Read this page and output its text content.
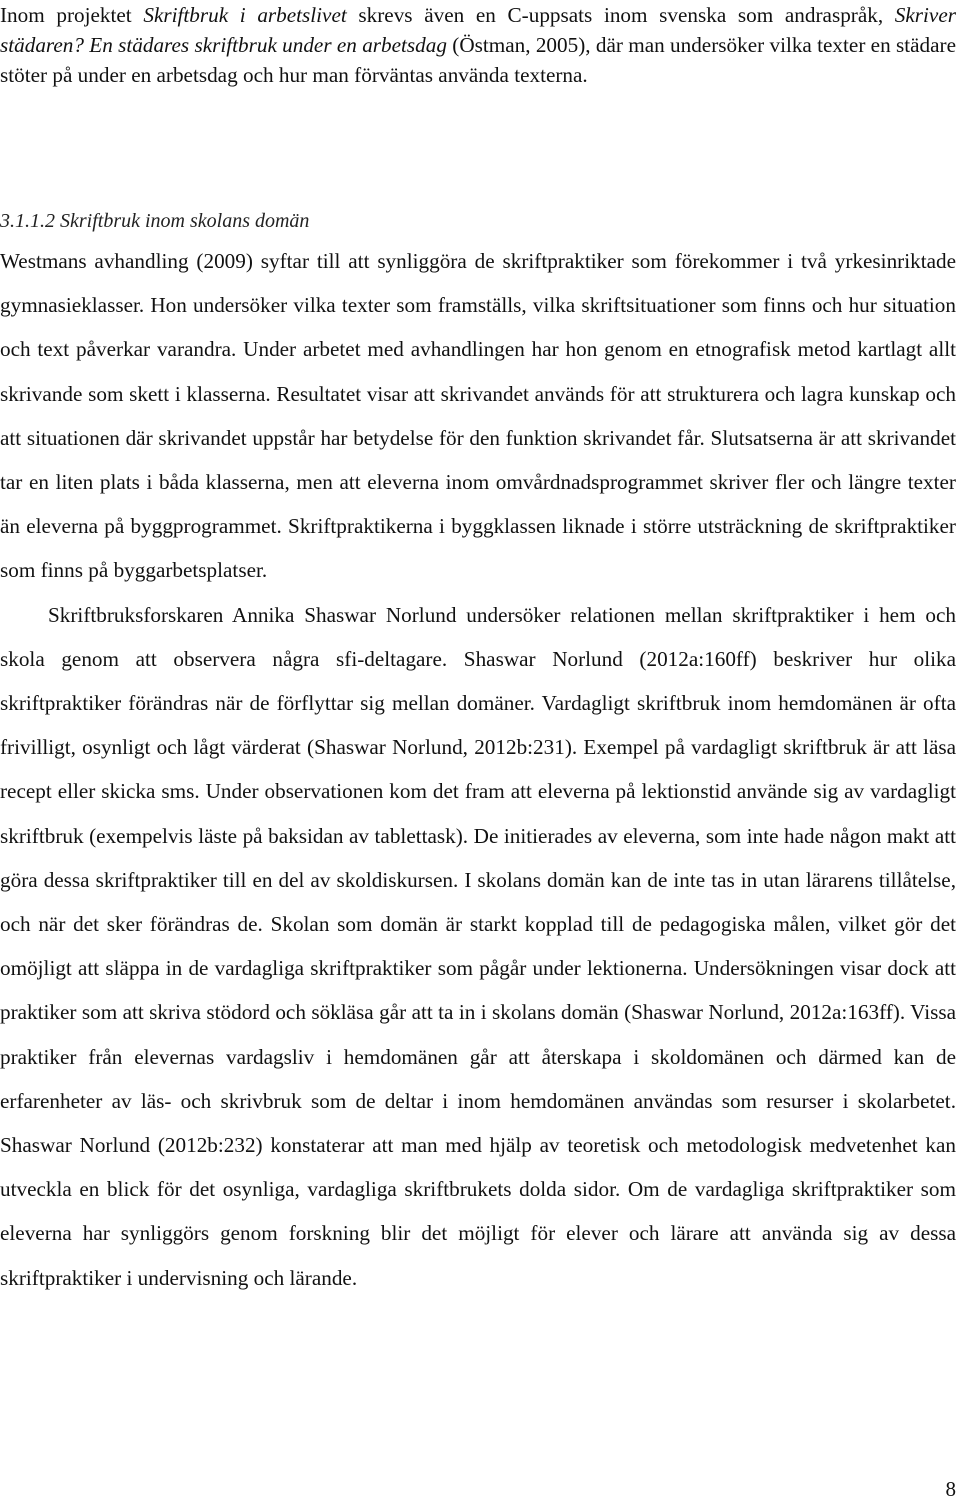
Inom projektet Skriftbruk i arbetslivet skrevs även en C-uppsats inom svenska som andraspråk, Skriver städaren? En städares skriftbruk under en arbetsdag (Östman, 2005), där man undersöker vilka texter en städare stöter på under en arbetsdag och hur man förväntas använda texterna.

3.1.1.2 Skriftbruk inom skolans domän

Westmans avhandling (2009) syftar till att synliggöra de skriftpraktiker som förekommer i två yrkesinriktade gymnasieklasser. Hon undersöker vilka texter som framställs, vilka skriftsituationer som finns och hur situation och text påverkar varandra. Under arbetet med avhandlingen har hon genom en etnografisk metod kartlagt allt skrivande som skett i klasserna. Resultatet visar att skrivandet används för att strukturera och lagra kunskap och att situationen där skrivandet uppstår har betydelse för den funktion skrivandet får. Slutsatserna är att skrivandet tar en liten plats i båda klasserna, men att eleverna inom omvårdnadsprogrammet skriver fler och längre texter än eleverna på byggprogrammet. Skriftpraktikerna i byggklassen liknade i större utsträckning de skriftpraktiker som finns på byggarbetsplatser.

Skriftbruksforskaren Annika Shaswar Norlund undersöker relationen mellan skriftpraktiker i hem och skola genom att observera några sfi-deltagare. Shaswar Norlund (2012a:160ff) beskriver hur olika skriftpraktiker förändras när de förflyttar sig mellan domäner. Vardagligt skriftbruk inom hemdomänen är ofta frivilligt, osynligt och lågt värderat (Shaswar Norlund, 2012b:231). Exempel på vardagligt skriftbruk är att läsa recept eller skicka sms. Under observationen kom det fram att eleverna på lektionstid använde sig av vardagligt skriftbruk (exempelvis läste på baksidan av tablettask). De initierades av eleverna, som inte hade någon makt att göra dessa skriftpraktiker till en del av skoldiskursen. I skolans domän kan de inte tas in utan lärarens tillåtelse, och när det sker förändras de. Skolan som domän är starkt kopplad till de pedagogiska målen, vilket gör det omöjligt att släppa in de vardagliga skriftpraktiker som pågår under lektionerna. Undersökningen visar dock att praktiker som att skriva stödord och sökläsa går att ta in i skolans domän (Shaswar Norlund, 2012a:163ff). Vissa praktiker från elevernas vardagsliv i hemdomänen går att återskapa i skoldomänen och därmed kan de erfarenheter av läs- och skrivbruk som de deltar i inom hemdomänen användas som resurser i skolarbetet. Shaswar Norlund (2012b:232) konstaterar att man med hjälp av teoretisk och metodologisk medvetenhet kan utveckla en blick för det osynliga, vardagliga skriftbrukets dolda sidor. Om de vardagliga skriftpraktiker som eleverna har synliggörs genom forskning blir det möjligt för elever och lärare att använda sig av dessa skriftpraktiker i undervisning och lärande.

8
